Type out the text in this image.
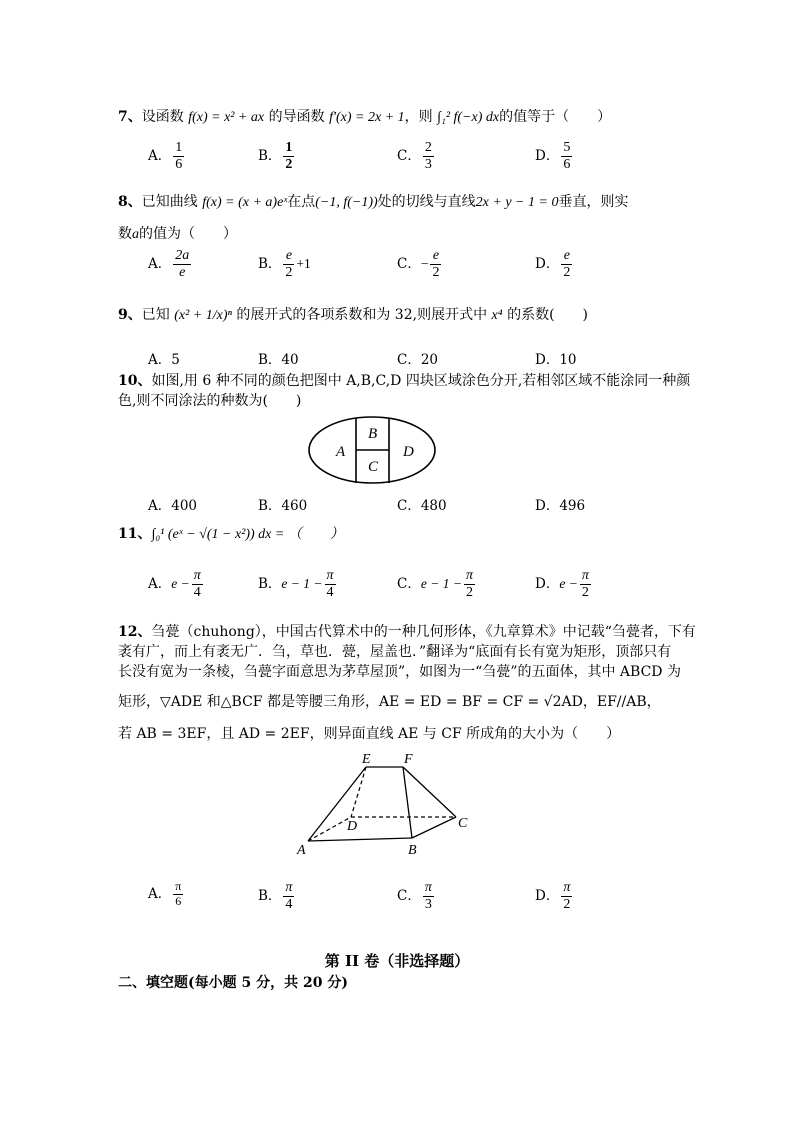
7、设函数 f(x) = x² + ax 的导函数 f′(x) = 2x + 1，则 ∫₁² f(−x) dx的值等于（　　）
A． $\frac{1}{6}$	B． $\frac{1}{2}$	C． $\frac{2}{3}$	D． $\frac{5}{6}$
8、已知曲线 f(x) = (x + a)eˣ在点(−1, f(−1))处的切线与直线2x + y − 1 = 0垂直，则实
数a的值为（　　）
A． $\frac{2a}{e}$	B． $\frac{e}{2} +1$	C．− $\frac{e}{2}$	D． $\frac{e}{2}$
9、已知 (x² + 1/x)ⁿ 的展开式的各项系数和为 32,则展开式中 x⁴ 的系数(　　)
A．5	B．40	C．20	D．10
10、如图,用 6 种不同的颜色把图中 A,B,C,D 四块区域涂色分开,若相邻区域不能涂同一种颜
色,则不同涂法的种数为(　　)
A
B
C
D
A．400	B．460	C．480	D．496
11、∫₀¹ (eˣ − √(1 − x²)) dx = （　　）
A．$e - \frac{\pi}{4}$	B．$e - 1 - \frac{\pi}{4}$	C．$e - 1 - \frac{\pi}{2}$	D．$e - \frac{\pi}{2}$
12、刍甍（chuhong），中国古代算术中的一种几何形体，《九章算术》中记载“刍甍者，下有
袤有广，而上有袤无广．刍，草也．甍，屋盖也．”翻译为“底面有长有宽为矩形，顶部只有
长没有宽为一条棱，刍甍字面意思为茅草屋顶”，如图为一“刍甍”的五面体，其中 ABCD 为
矩形，▽ADE 和△BCF 都是等腰三角形，AE = ED = BF = CF = √2AD，EF//AB，
若 AB = 3EF，且 AD = 2EF，则异面直线 AE 与 CF 所成角的大小为（　　）
A	B
C
D
E F
A． $\frac{\pi}{6}$	B． $\frac{\pi}{4}$	C． $\frac{\pi}{3}$	D． $\frac{\pi}{2}$
第 II 卷（非选择题）
二、填空题(每小题 5 分，共 20 分)
